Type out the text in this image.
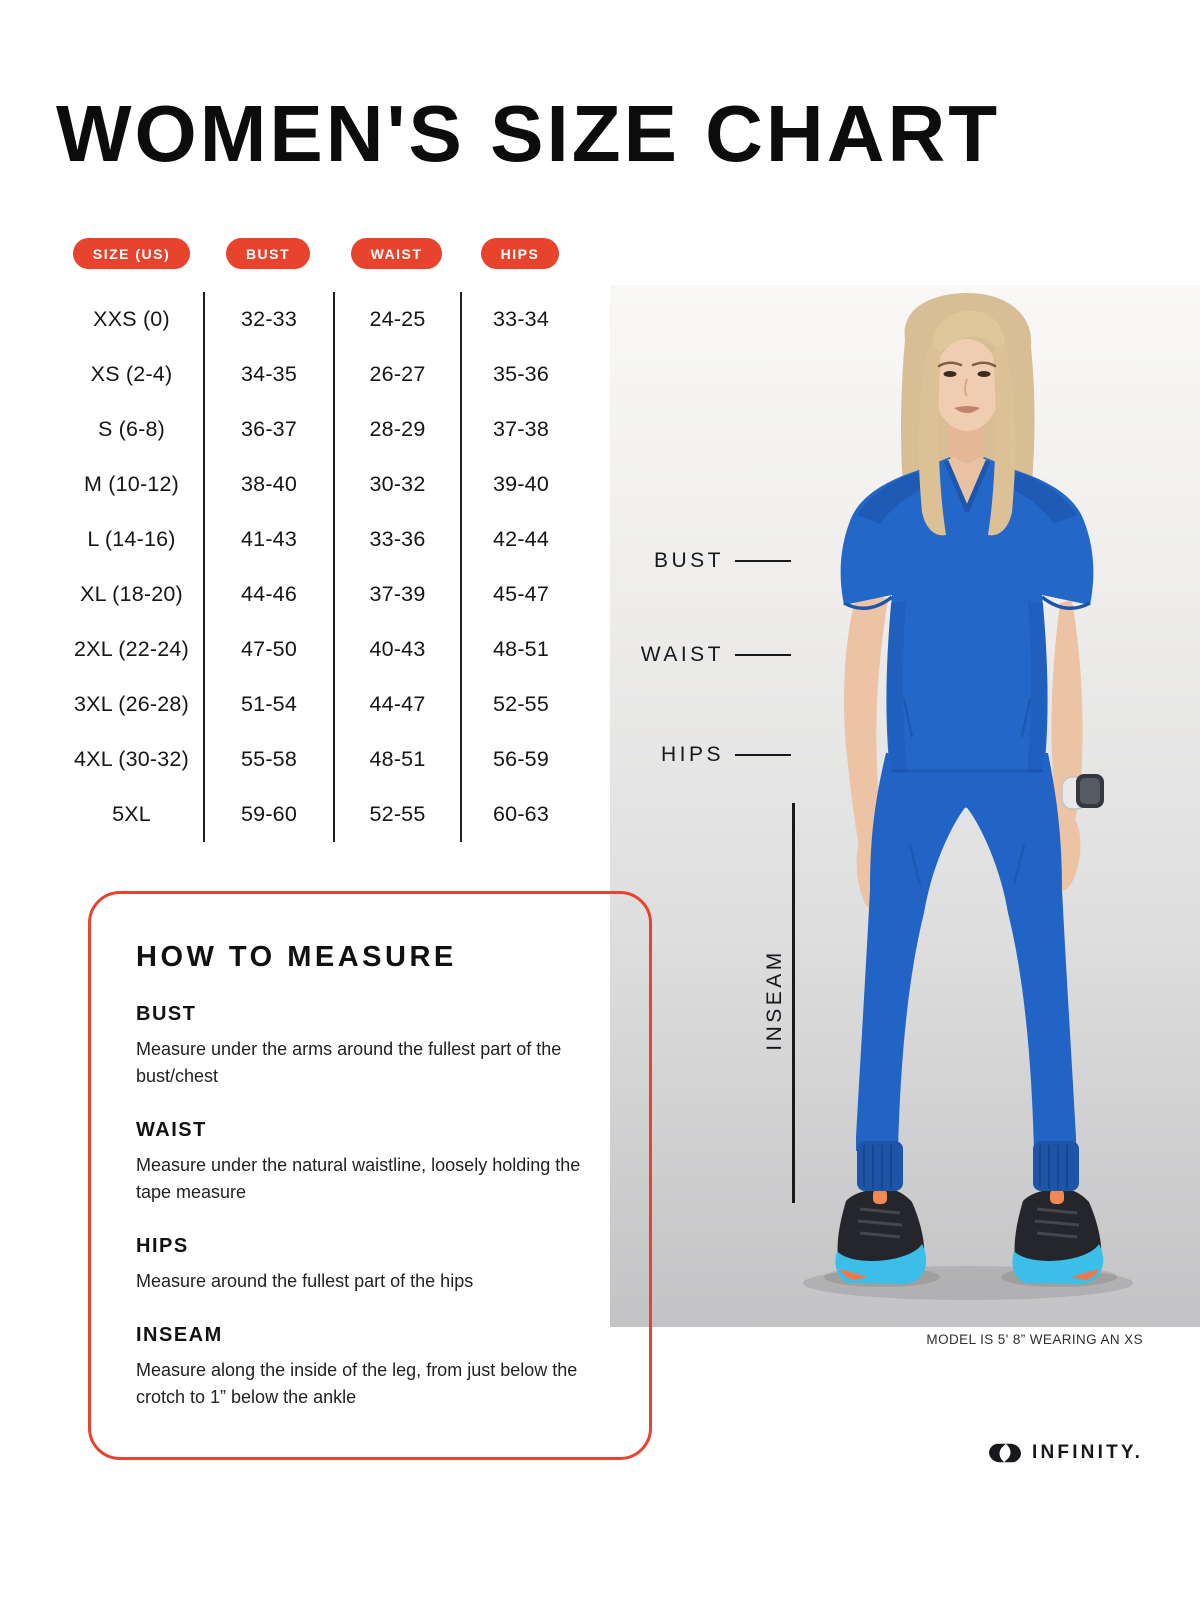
WOMEN'S SIZE CHART
SIZE (US)	BUST	WAIST	HIPS
XXS (0)	32-33	24-25	33-34
XS (2-4)	34-35	26-27	35-36
S (6-8)	36-37	28-29	37-38
M (10-12)	38-40	30-32	39-40
L (14-16)	41-43	33-36	42-44
XL (18-20)	44-46	37-39	45-47
2XL (22-24)	47-50	40-43	48-51
3XL (26-28)	51-54	44-47	52-55
4XL (30-32)	55-58	48-51	56-59
5XL	59-60	52-55	60-63
BUST
WAIST
HIPS
INSEAM
MODEL IS 5' 8” WEARING AN XS
HOW TO MEASURE
BUST

Measure under the arms around the fullest part of the bust/chest

WAIST

Measure under the natural waistline, loosely holding the tape measure

HIPS

Measure around the fullest part of the hips

INSEAM

Measure along the inside of the leg, from just below the crotch to 1” below the ankle

INFINITY.
